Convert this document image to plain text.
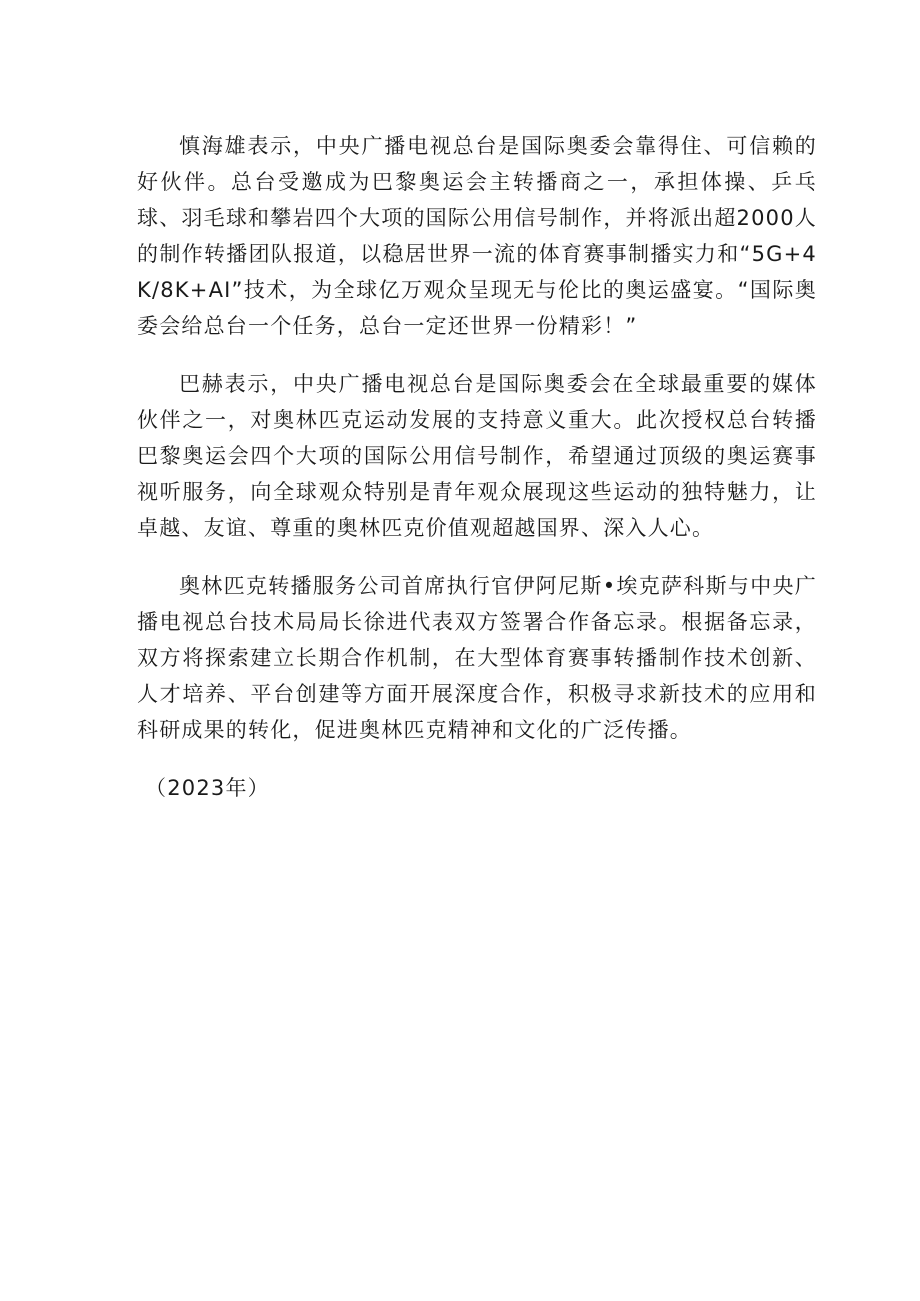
慎海雄表示，中央广播电视总台是国际奥委会靠得住、可信赖的好伙伴。总台受邀成为巴黎奥运会主转播商之一，承担体操、乒乓球、羽毛球和攀岩四个大项的国际公用信号制作，并将派出超2000人的制作转播团队报道，以稳居世界一流的体育赛事制播实力和“5G+4K/8K+AI”技术，为全球亿万观众呈现无与伦比的奥运盛宴。“国际奥委会给总台一个任务，总台一定还世界一份精彩！”

巴赫表示，中央广播电视总台是国际奥委会在全球最重要的媒体伙伴之一，对奥林匹克运动发展的支持意义重大。此次授权总台转播巴黎奥运会四个大项的国际公用信号制作，希望通过顶级的奥运赛事视听服务，向全球观众特别是青年观众展现这些运动的独特魅力，让卓越、友谊、尊重的奥林匹克价值观超越国界、深入人心。

奥林匹克转播服务公司首席执行官伊阿尼斯•埃克萨科斯与中央广播电视总台技术局局长徐进代表双方签署合作备忘录。根据备忘录，双方将探索建立长期合作机制，在大型体育赛事转播制作技术创新、人才培养、平台创建等方面开展深度合作，积极寻求新技术的应用和科研成果的转化，促进奥林匹克精神和文化的广泛传播。

（2023年）
